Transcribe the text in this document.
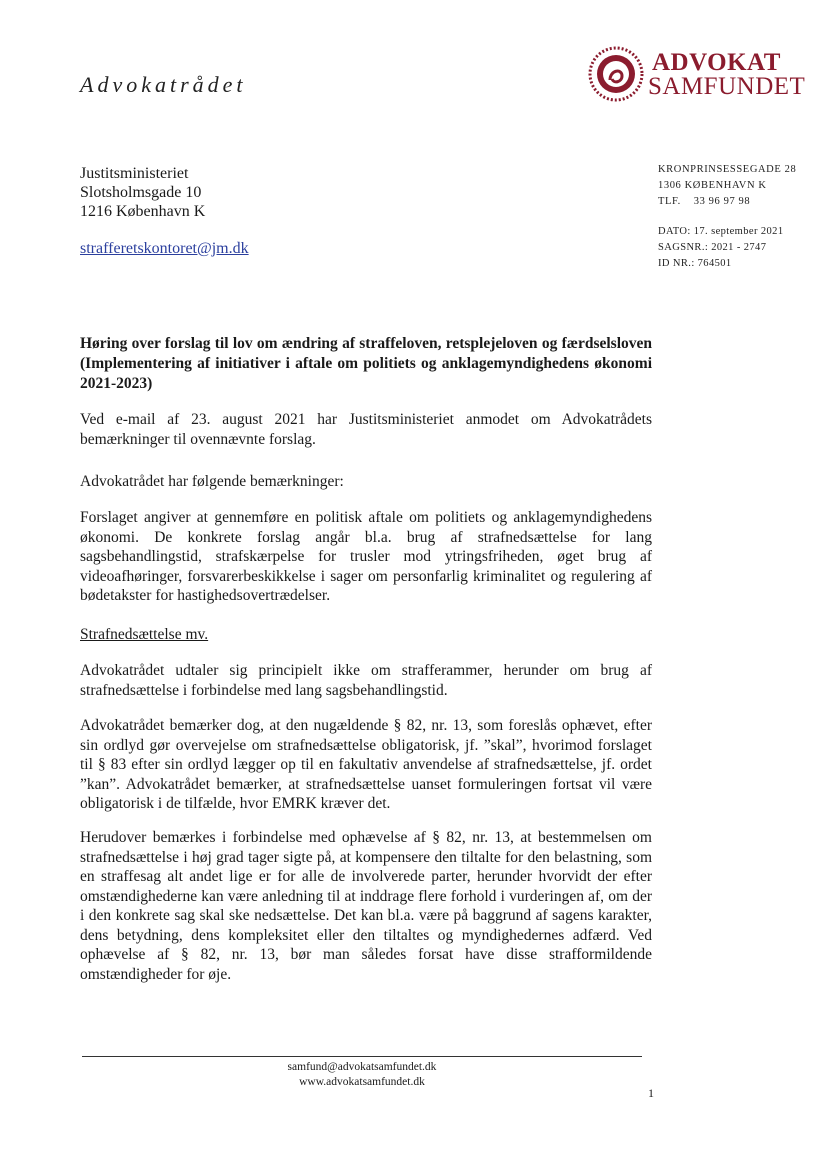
Advokatrådet
ADVOKAT
SAMFUNDET
Justitsministeriet
Slotsholmsgade 10
1216 København K
strafferetskontoret@jm.dk
KRONPRINSESSEGADE 28
1306 KØBENHAVN K
TLF.    33 96 97 98
DATO: 17. september 2021
SAGSNR.: 2021 - 2747
ID NR.: 764501
Høring over forslag til lov om ændring af straffeloven, retsplejeloven og færdselsloven (Implementering af initiativer i aftale om politiets og anklagemyndighedens økonomi 2021-2023)
Ved e-mail af 23. august 2021 har Justitsministeriet anmodet om Advokatrådets bemærkninger til ovennævnte forslag.
Advokatrådet har følgende bemærkninger:
Forslaget angiver at gennemføre en politisk aftale om politiets og anklagemyndighedens økonomi. De konkrete forslag angår bl.a. brug af strafnedsættelse for lang sagsbehandlingstid, strafskærpelse for trusler mod ytringsfriheden, øget brug af videoafhøringer, forsvarerbeskikkelse i sager om personfarlig kriminalitet og regulering af bødetakster for hastighedsovertrædelser.
Strafnedsættelse mv.
Advokatrådet udtaler sig principielt ikke om strafferammer, herunder om brug af strafnedsættelse i forbindelse med lang sagsbehandlingstid.
Advokatrådet bemærker dog, at den nugældende § 82, nr. 13, som foreslås ophævet, efter sin ordlyd gør overvejelse om strafnedsættelse obligatorisk, jf. ”skal”, hvorimod forslaget til § 83 efter sin ordlyd lægger op til en fakultativ anvendelse af strafnedsættelse, jf. ordet ”kan”. Advokatrådet bemærker, at strafnedsættelse uanset formuleringen fortsat vil være obligatorisk i de tilfælde, hvor EMRK kræver det.
Herudover bemærkes i forbindelse med ophævelse af § 82, nr. 13, at bestemmelsen om strafnedsættelse i høj grad tager sigte på, at kompensere den tiltalte for den belastning, som en straffesag alt andet lige er for alle de involverede parter, herunder hvorvidt der efter omstændighederne kan være anledning til at inddrage flere forhold i vurderingen af, om der i den konkrete sag skal ske nedsættelse. Det kan bl.a. være på baggrund af sagens karakter, dens betydning, dens kompleksitet eller den tiltaltes og myndighedernes adfærd. Ved ophævelse af § 82, nr. 13, bør man således forsat have disse strafformildende omstændigheder for øje.
samfund@advokatsamfundet.dk
www.advokatsamfundet.dk
1
